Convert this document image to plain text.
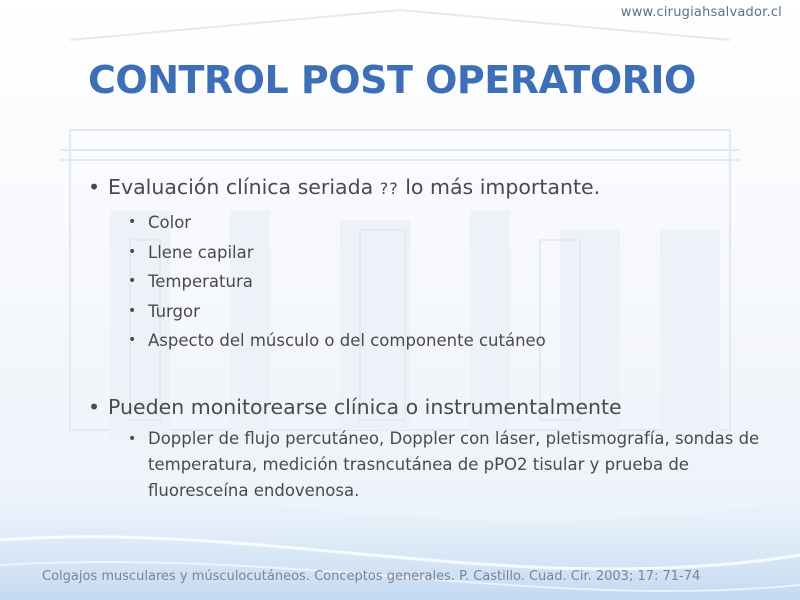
www.cirugiahsalvador.cl
CONTROL POST OPERATORIO

• Evaluación clínica seriada ?? lo más importante.

• Color
• Llene capilar
• Temperatura
• Turgor
• Aspecto del músculo o del componente cutáneo

• Pueden monitorearse clínica o instrumentalmente

• Doppler de flujo percutáneo, Doppler con láser, pletismografía, sondas de temperatura, medición trasncutánea de pPO2 tisular y prueba de fluoresceína endovenosa.
Colgajos musculares y músculocutáneos. Conceptos generales. P. Castillo. Cuad. Cir. 2003; 17: 71-74
